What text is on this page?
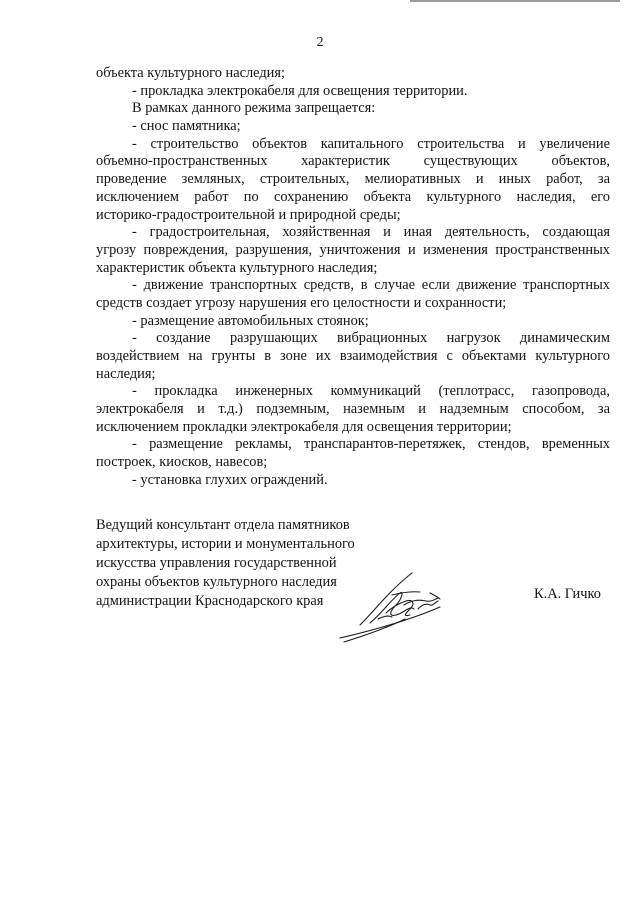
2
объекта культурного наследия;
- прокладка электрокабеля для освещения территории.
В рамках данного режима запрещается:
- снос памятника;
- строительство объектов капитального строительства и увеличение
объемно-пространственных характеристик существующих объектов,
проведение земляных, строительных, мелиоративных и иных работ, за
исключением работ по сохранению объекта культурного наследия, его
историко-градостроительной и природной среды;
- градостроительная, хозяйственная и иная деятельность, создающая
угрозу повреждения, разрушения, уничтожения и изменения пространственных
характеристик объекта культурного наследия;
- движение транспортных средств, в случае если движение транспортных
средств создает угрозу нарушения его целостности и сохранности;
- размещение автомобильных стоянок;
- создание разрушающих вибрационных нагрузок динамическим
воздействием на грунты в зоне их взаимодействия с объектами культурного
наследия;
- прокладка инженерных коммуникаций (теплотрасс, газопровода,
электрокабеля и т.д.) подземным, наземным и надземным способом, за
исключением прокладки электрокабеля для освещения территории;
- размещение рекламы, транспарантов-перетяжек, стендов, временных
построек, киосков, навесов;
- установка глухих ограждений.
Ведущий консультант отдела памятников
архитектуры, истории и монументального
искусства управления государственной
охраны объектов культурного наследия
администрации Краснодарского края	К.А. Гичко
